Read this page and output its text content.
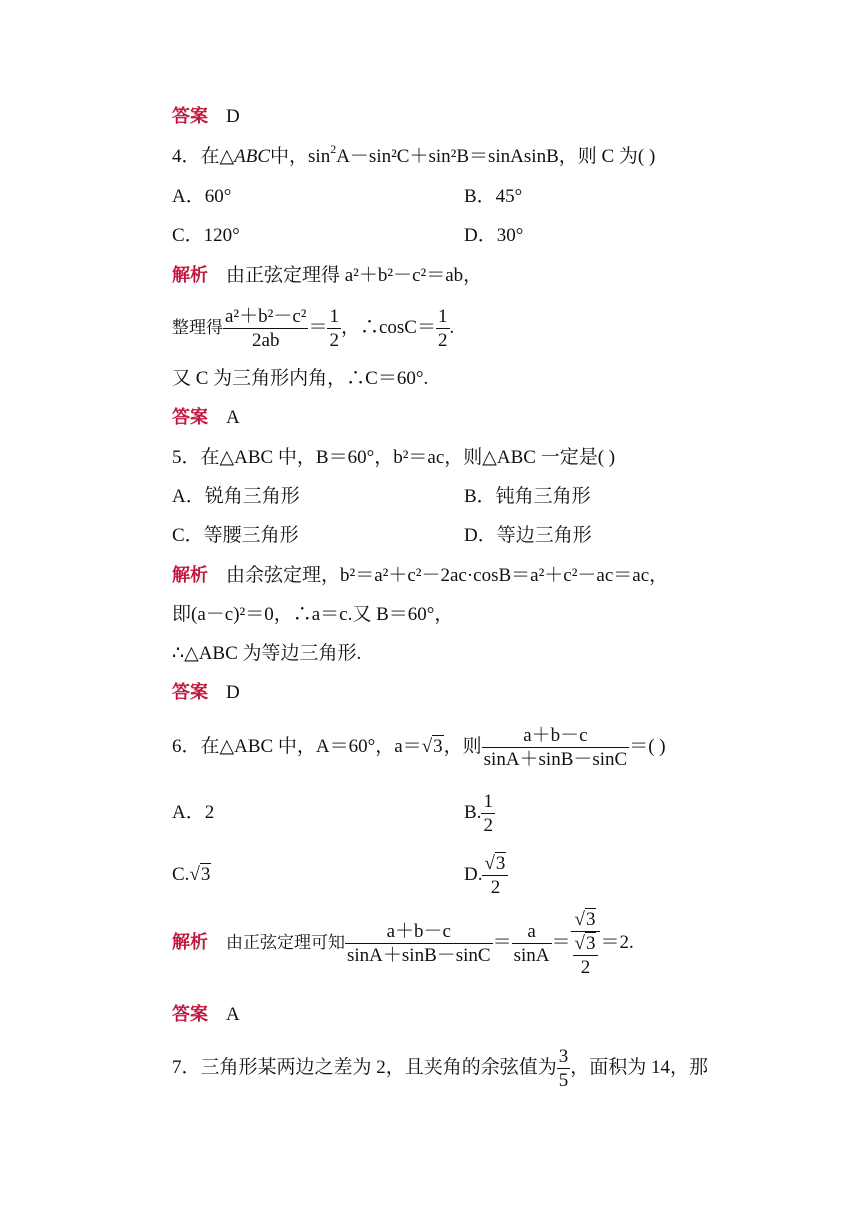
答案 D
4．在△ABC中，$\sin^2A-\sin^2C+\sin^2B=sinAsinB$，则 C 为( )
A．60°	B．45°
C．120°	D．30°
解析 由正弦定理得 a²＋b²－c²＝ab，
整理得 $\frac{\text{a²＋b²－c²}}{2ab} = \frac{1}{2}$ ，∴cosC＝ $\frac{1}{2}$ .
又 C 为三角形内角，∴C＝60°.
答案 A
5．在△ABC 中，B＝60°，b²＝ac，则△ABC 一定是( )
A．锐角三角形	B．钝角三角形
C．等腰三角形	D．等边三角形
解析 由余弦定理，b²＝a²＋c²－2ac·cosB＝a²＋c²－ac＝ac，
即(a－c)²＝0，∴a＝c.又 B＝60°，
∴△ABC 为等边三角形.
答案 D
6．在△ABC 中，A＝60°，a＝√3，则 $\frac{a+b-c}{\sin A+\sin B-\sin C}$ ＝( )
A．2	B. $\frac{1}{2}$
C.√3	D. $\frac{√3}{2}$
解析 由正弦定理可知 $\frac{a+b-c}{\sin A+\sin B-\sin C} = \frac{a}{\sin A} = \frac{√3}{\frac{√3}{2}} =2$.
答案 A
7．三角形某两边之差为 2，且夹角的余弦值为 $\frac{3}{5}$ ，面积为 14，那
